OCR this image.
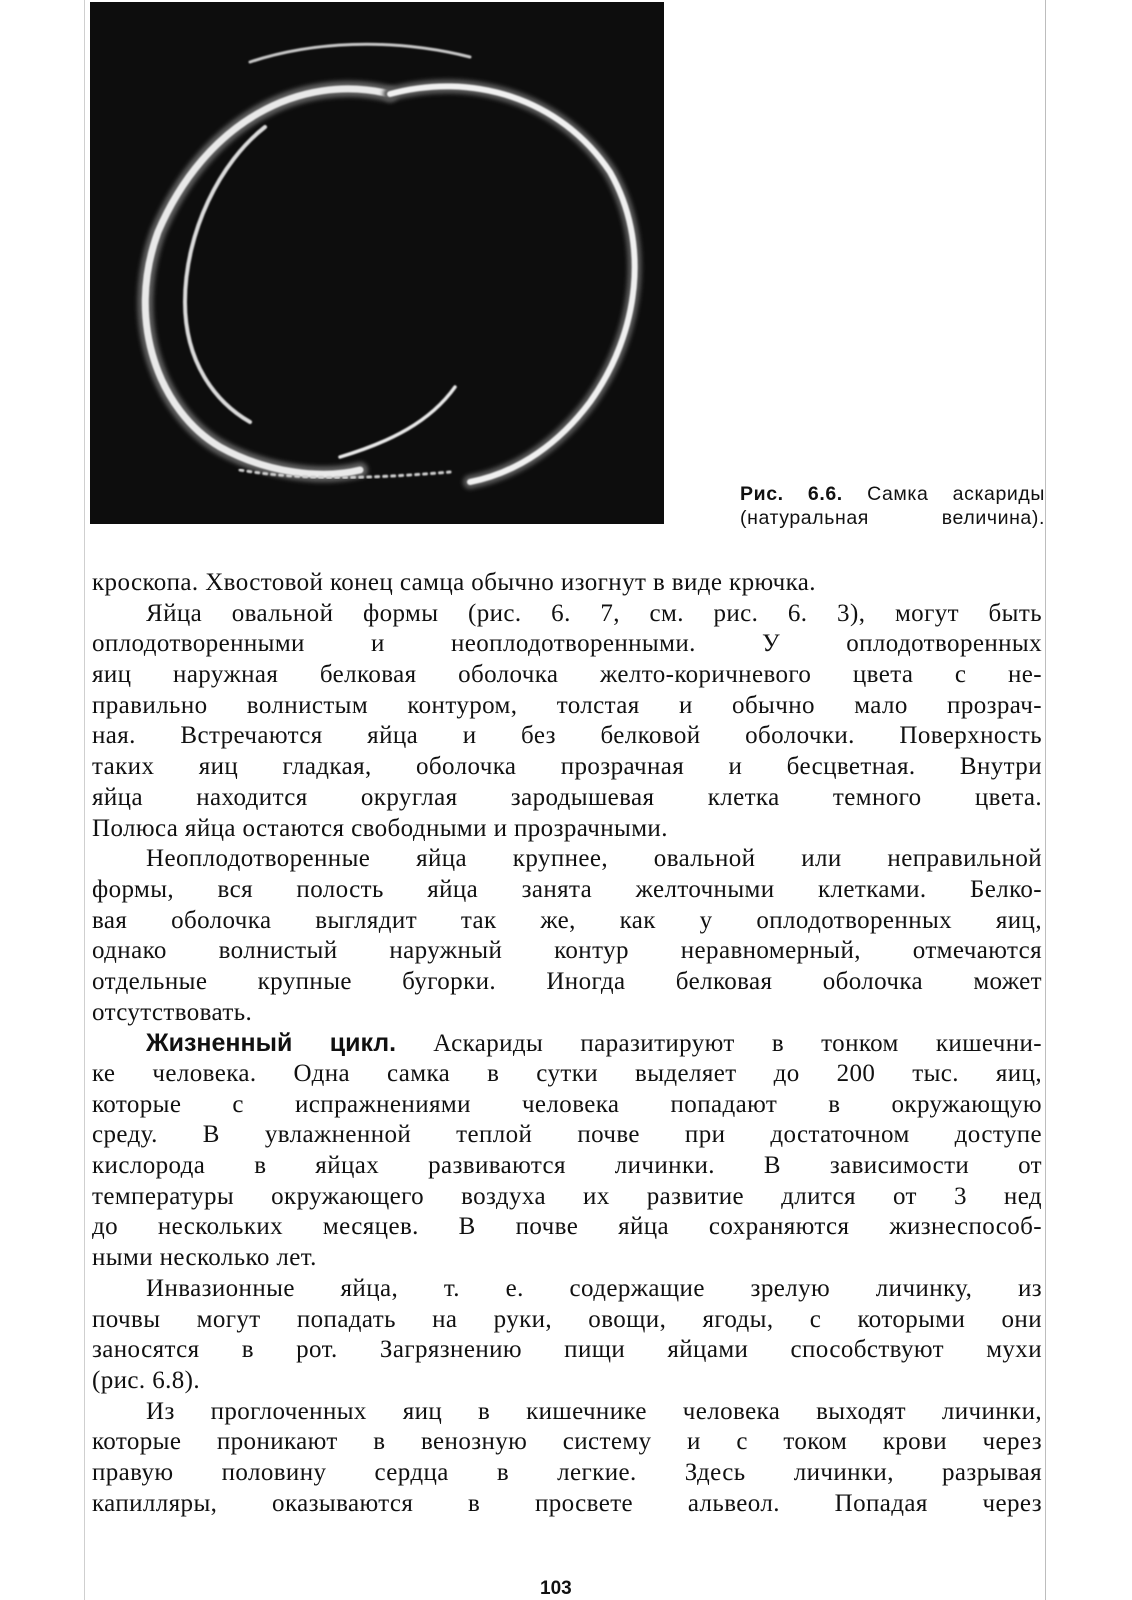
Рис. 6.6. Самка аскариды
(натуральная величина).
кроскопа. Хвостовой конец самца обычно изогнут в виде крючка.
Яйца овальной формы (рис. 6. 7, см. рис. 6. 3), могут быть
оплодотворенными и неоплодотворенными. У оплодотворенных
яиц наружная белковая оболочка желто-коричневого цвета с не-
правильно волнистым контуром, толстая и обычно мало прозрач-
ная. Встречаются яйца и без белковой оболочки. Поверхность
таких яиц гладкая, оболочка прозрачная и бесцветная. Внутри
яйца находится округлая зародышевая клетка темного цвета.
Полюса яйца остаются свободными и прозрачными.
Неоплодотворенные яйца крупнее, овальной или неправильной
формы, вся полость яйца занята желточными клетками. Белко-
вая оболочка выглядит так же, как у оплодотворенных яиц,
однако волнистый наружный контур неравномерный, отмечаются
отдельные крупные бугорки. Иногда белковая оболочка может
отсутствовать.
Жизненный цикл. Аскариды паразитируют в тонком кишечни-
ке человека. Одна самка в сутки выделяет до 200 тыс. яиц,
которые с испражнениями человека попадают в окружающую
среду. В увлажненной теплой почве при достаточном доступе
кислорода в яйцах развиваются личинки. В зависимости от
температуры окружающего воздуха их развитие длится от 3 нед
до нескольких месяцев. В почве яйца сохраняются жизнеспособ-
ными несколько лет.
Инвазионные яйца, т. е. содержащие зрелую личинку, из
почвы могут попадать на руки, овощи, ягоды, с которыми они
заносятся в рот. Загрязнению пищи яйцами способствуют мухи
(рис. 6.8).
Из проглоченных яиц в кишечнике человека выходят личинки,
которые проникают в венозную систему и с током крови через
правую половину сердца в легкие. Здесь личинки, разрывая
капилляры, оказываются в просвете альвеол. Попадая через
103
